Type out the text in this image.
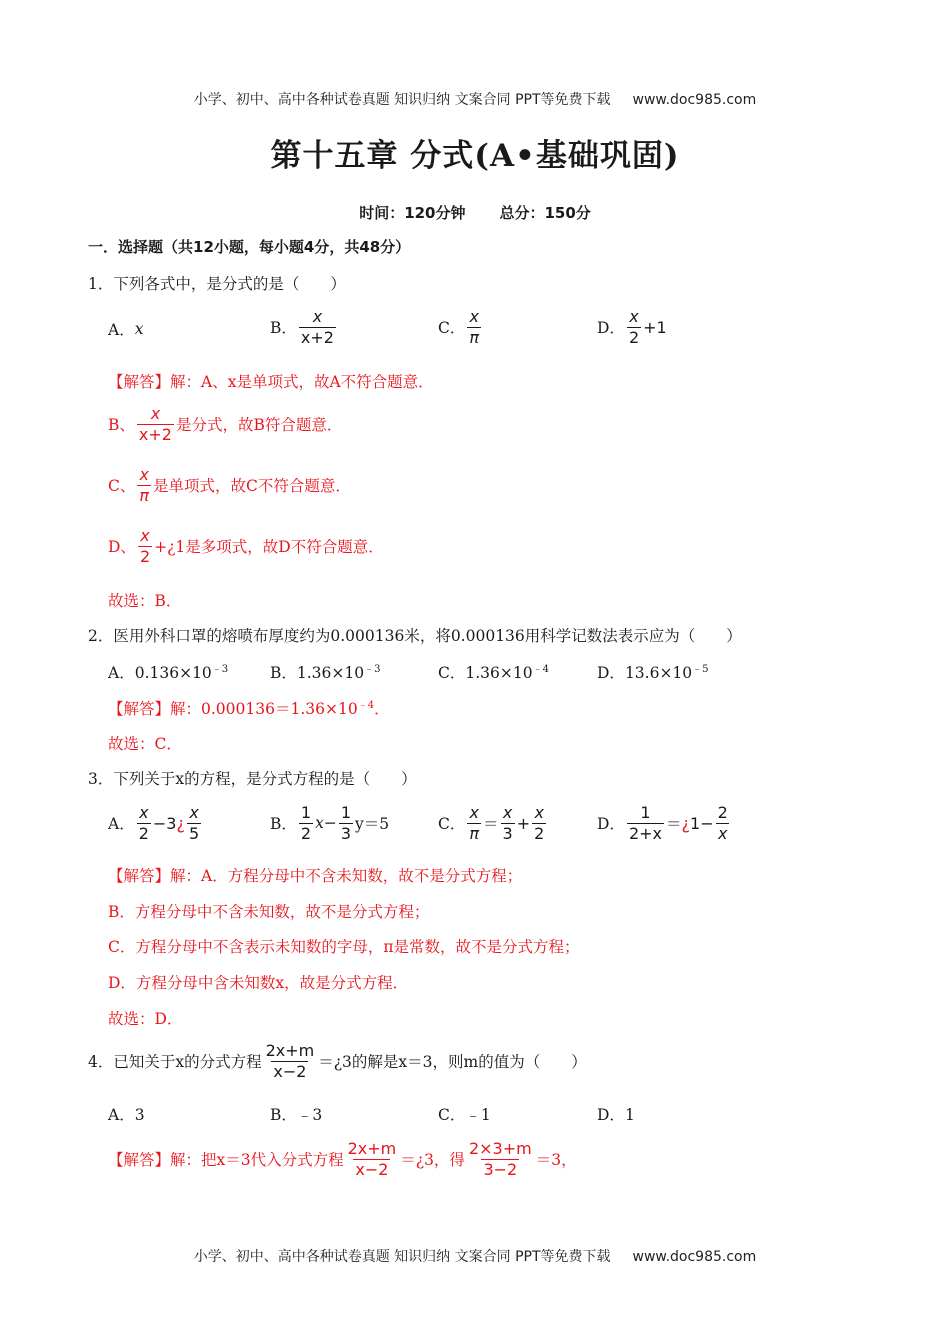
小学、初中、高中各种试卷真题 知识归纳 文案合同 PPT等免费下载 www.doc985.com
第十五章 分式(A•基础巩固)
时间：120分钟 总分：150分
一．选择题（共12小题，每小题4分，共48分）
1．下列各式中，是分式的是（　　）
A． x	B． $\frac{x}{x+2}$	C． $\frac{x}{\pi}$	D． $\frac{x}{2} +1$
【解答】解：A、x是单项式，故A不符合题意．
B、 $\frac{x}{x+2}$ 是分式，故B符合题意．
C、 $\frac{x}{\pi}$ 是单项式，故C不符合题意．
D、 $\frac{x}{2}$ +¿1是多项式，故D不符合题意．
故选：B．
2．医用外科口罩的熔喷布厚度约为0.000136米，将0.000136用科学记数法表示应为（　　）
A．$0.136\times 10^{﹣3}$	B．$1.36\times 10^{﹣3}$	C．$1.36\times 10^{﹣4}$	D．$13.6\times 10^{﹣5}$
【解答】解：$0.000136=1.36\times 10^{﹣4}$．
故选：C．
3．下列关于x的方程，是分式方程的是（　　）
A． $\frac{x}{2} -3$ ¿ $\frac{x}{5}$	B． $\frac{1}{2} x- \frac{1}{3} y=5$	C． $\frac{x}{\pi} = \frac{x}{3} + \frac{x}{2}$	D． $\frac{1}{2+x}$ ＝ ¿ $1- \frac{2}{x}$
【解答】解：A．方程分母中不含未知数，故不是分式方程；
B．方程分母中不含未知数，故不是分式方程；
C．方程分母中不含表示未知数的字母，π是常数，故不是分式方程；
D．方程分母中含未知数x，故是分式方程．
故选：D．
4．已知关于x的分式方程 $\frac{2x+m}{x-2}$ ＝¿3的解是x＝3，则m的值为（　　）
A．3	B．﹣3	C．﹣1	D．1
【解答】 解：把x＝3代入分式方程 $\frac{2x+m}{x-2}$ ＝¿3，得 $\frac{2\times 3+m}{3-2} =3$，
小学、初中、高中各种试卷真题 知识归纳 文案合同 PPT等免费下载 www.doc985.com
